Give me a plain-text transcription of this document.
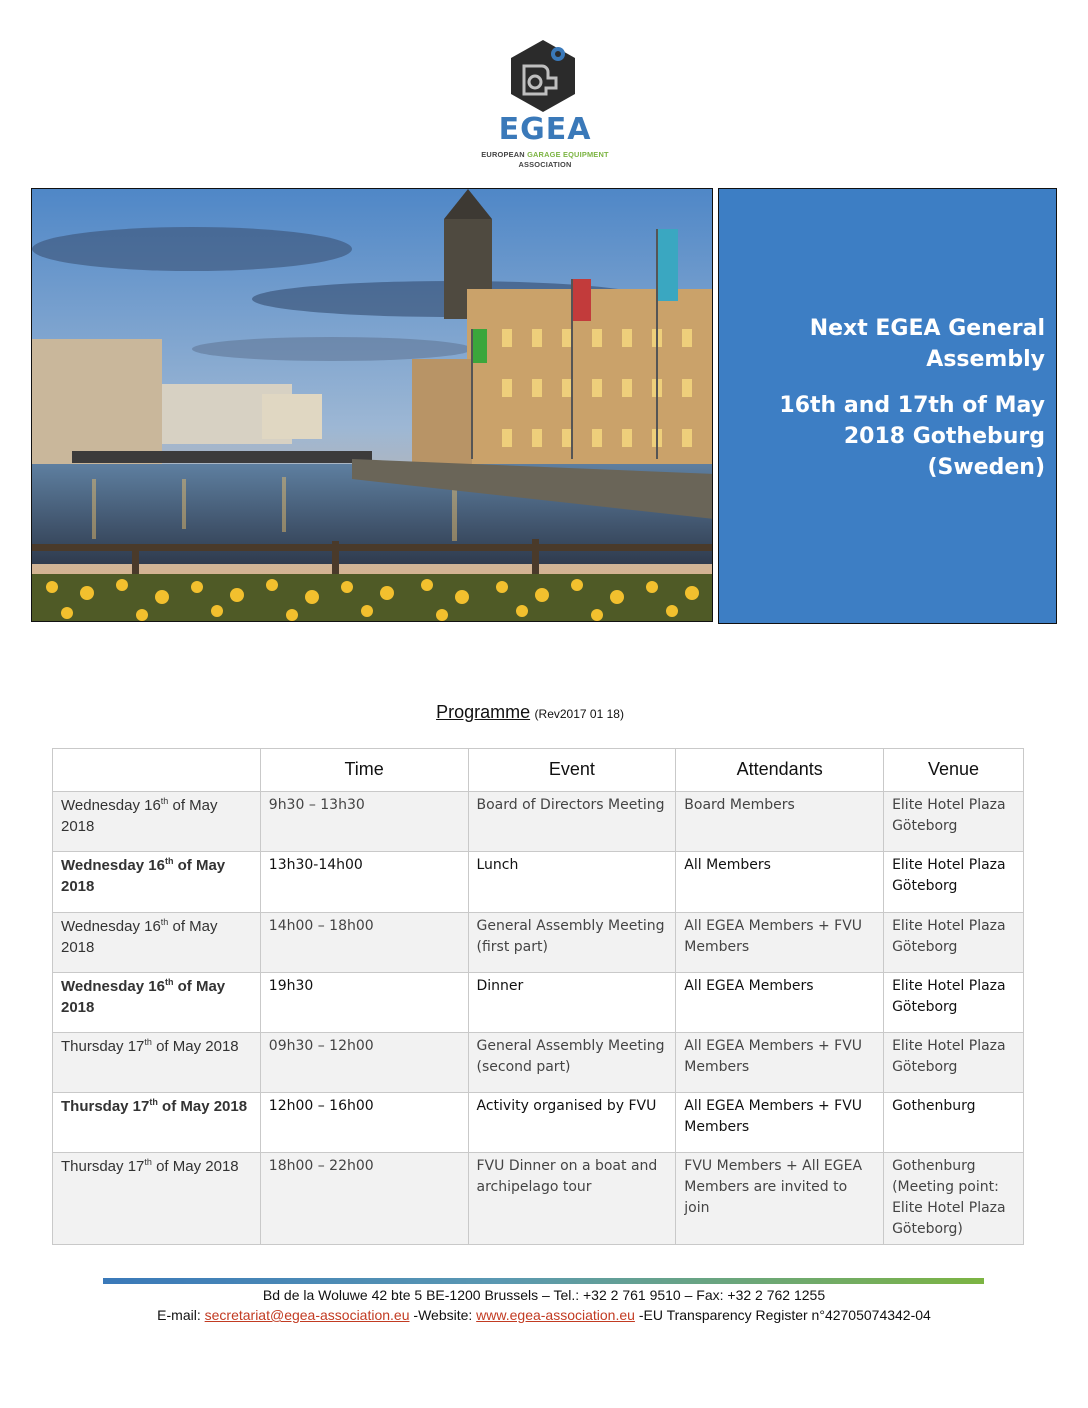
EGEA
EUROPEAN GARAGE EQUIPMENT
ASSOCIATION
Next EGEA General Assembly
16th and 17th of May 2018 Gotheburg (Sweden)
Programme (Rev2017 01 18)
	Time	Event	Attendants	Venue
Wednesday 16th of May 2018	9h30 – 13h30	Board of Directors Meeting	Board Members	Elite Hotel Plaza Göteborg
Wednesday 16th of May 2018	13h30-14h00	Lunch	All Members	Elite Hotel Plaza Göteborg
Wednesday 16th of May 2018	14h00 – 18h00	General Assembly Meeting (first part)	All EGEA Members + FVU Members	Elite Hotel Plaza Göteborg
Wednesday 16th of May 2018	19h30	Dinner	All EGEA Members	Elite Hotel Plaza Göteborg
Thursday 17th of May 2018	09h30 – 12h00	General Assembly Meeting (second part)	All EGEA Members + FVU Members	Elite Hotel Plaza Göteborg
Thursday 17th of May 2018	12h00 – 16h00	Activity organised by FVU	All EGEA Members + FVU Members	Gothenburg
Thursday 17th of May 2018	18h00 – 22h00	FVU Dinner on a boat and archipelago tour	FVU Members + All EGEA Members are invited to join	Gothenburg (Meeting point: Elite Hotel Plaza Göteborg)
Bd de la Woluwe 42 bte 5 BE-1200 Brussels – Tel.: +32 2 761 9510 – Fax: +32 2 762 1255
E-mail: secretariat@egea-association.eu -Website: www.egea-association.eu -EU Transparency Register n°42705074342-04
